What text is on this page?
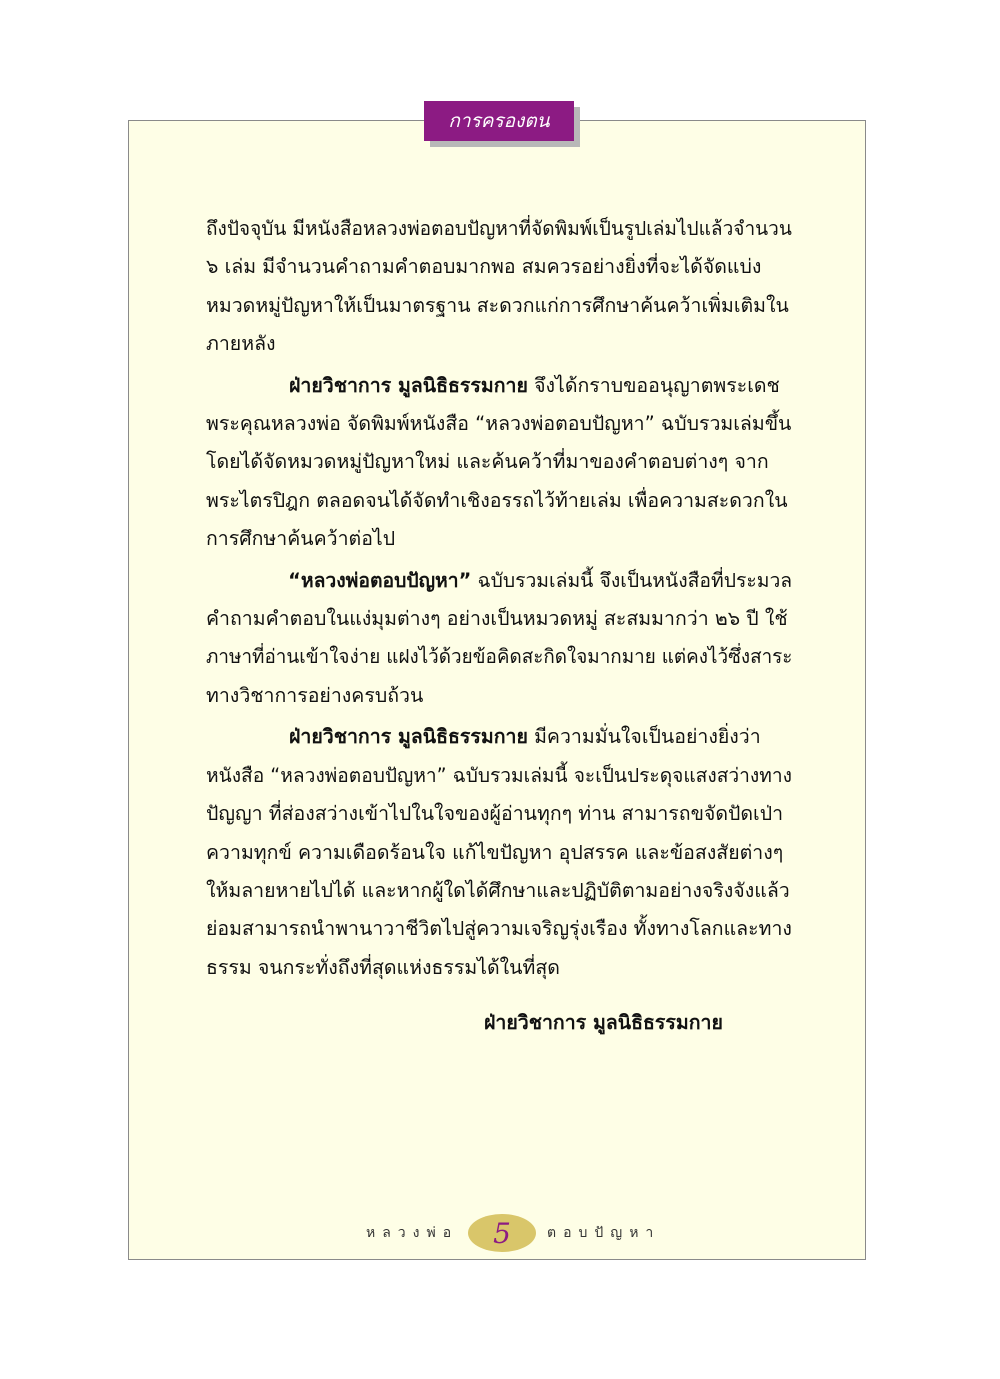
การครองตน

ถึงปัจจุบัน มีหนังสือหลวงพ่อตอบปัญหาที่จัดพิมพ์เป็นรูปเล่มไปแล้วจำนวน
๖ เล่ม มีจำนวนคำถามคำตอบมากพอ สมควรอย่างยิ่งที่จะได้จัดแบ่ง
หมวดหมู่ปัญหาให้เป็นมาตรฐาน สะดวกแก่การศึกษาค้นคว้าเพิ่มเติมใน
ภายหลัง

ฝ่ายวิชาการ มูลนิธิธรรมกาย จึงได้กราบขออนุญาตพระเดช
พระคุณหลวงพ่อ จัดพิมพ์หนังสือ “หลวงพ่อตอบปัญหา” ฉบับรวมเล่มขึ้น
โดยได้จัดหมวดหมู่ปัญหาใหม่ และค้นคว้าที่มาของคำตอบต่างๆ จาก
พระไตรปิฎก ตลอดจนได้จัดทำเชิงอรรถไว้ท้ายเล่ม เพื่อความสะดวกใน
การศึกษาค้นคว้าต่อไป

“หลวงพ่อตอบปัญหา” ฉบับรวมเล่มนี้ จึงเป็นหนังสือที่ประมวล
คำถามคำตอบในแง่มุมต่างๆ อย่างเป็นหมวดหมู่ สะสมมากว่า ๒๖ ปี ใช้
ภาษาที่อ่านเข้าใจง่าย แฝงไว้ด้วยข้อคิดสะกิดใจมากมาย แต่คงไว้ซึ่งสาระ
ทางวิชาการอย่างครบถ้วน

ฝ่ายวิชาการ มูลนิธิธรรมกาย มีความมั่นใจเป็นอย่างยิ่งว่า
หนังสือ “หลวงพ่อตอบปัญหา” ฉบับรวมเล่มนี้ จะเป็นประดุจแสงสว่างทาง
ปัญญา ที่ส่องสว่างเข้าไปในใจของผู้อ่านทุกๆ ท่าน สามารถขจัดปัดเป่า
ความทุกข์ ความเดือดร้อนใจ แก้ไขปัญหา อุปสรรค และข้อสงสัยต่างๆ
ให้มลายหายไปได้ และหากผู้ใดได้ศึกษาและปฏิบัติตามอย่างจริงจังแล้ว
ย่อมสามารถนำพานาวาชีวิตไปสู่ความเจริญรุ่งเรือง ทั้งทางโลกและทาง
ธรรม จนกระทั่งถึงที่สุดแห่งธรรมได้ในที่สุด

ฝ่ายวิชาการ มูลนิธิธรรมกาย
หลวงพ่อ 5	ตอบปัญหา
